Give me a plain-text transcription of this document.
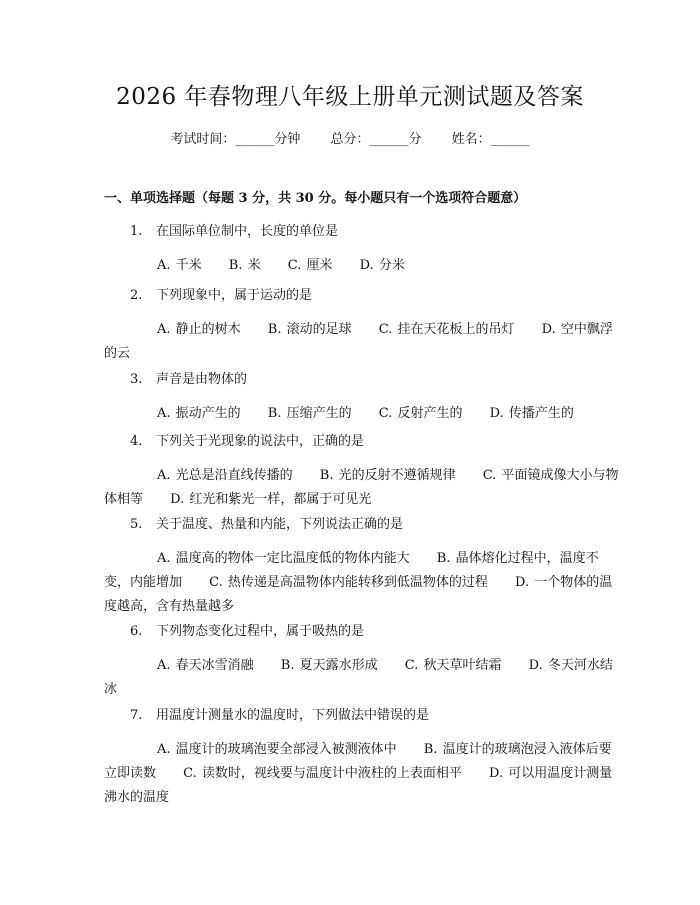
2026 年春物理八年级上册单元测试题及答案
考试时间：______分钟 总分：______分 姓名：______
一、单项选择题（每题 3 分，共 30 分。每小题只有一个选项符合题意）
1. 在国际单位制中，长度的单位是
A. 千米 B. 米 C. 厘米 D. 分米
2. 下列现象中，属于运动的是
A. 静止的树木 B. 滚动的足球 C. 挂在天花板上的吊灯 D. 空中飘浮的云
3. 声音是由物体的
A. 振动产生的 B. 压缩产生的 C. 反射产生的 D. 传播产生的
4. 下列关于光现象的说法中，正确的是
A. 光总是沿直线传播的 B. 光的反射不遵循规律 C. 平面镜成像大小与物体相等 D. 红光和紫光一样，都属于可见光
5. 关于温度、热量和内能，下列说法正确的是
A. 温度高的物体一定比温度低的物体内能大 B. 晶体熔化过程中，温度不变，内能增加 C. 热传递是高温物体内能转移到低温物体的过程 D. 一个物体的温度越高，含有热量越多
6. 下列物态变化过程中，属于吸热的是
A. 春天冰雪消融 B. 夏天露水形成 C. 秋天草叶结霜 D. 冬天河水结冰
7. 用温度计测量水的温度时，下列做法中错误的是
A. 温度计的玻璃泡要全部浸入被测液体中 B. 温度计的玻璃泡浸入液体后要立即读数 C. 读数时，视线要与温度计中液柱的上表面相平 D. 可以用温度计测量沸水的温度
